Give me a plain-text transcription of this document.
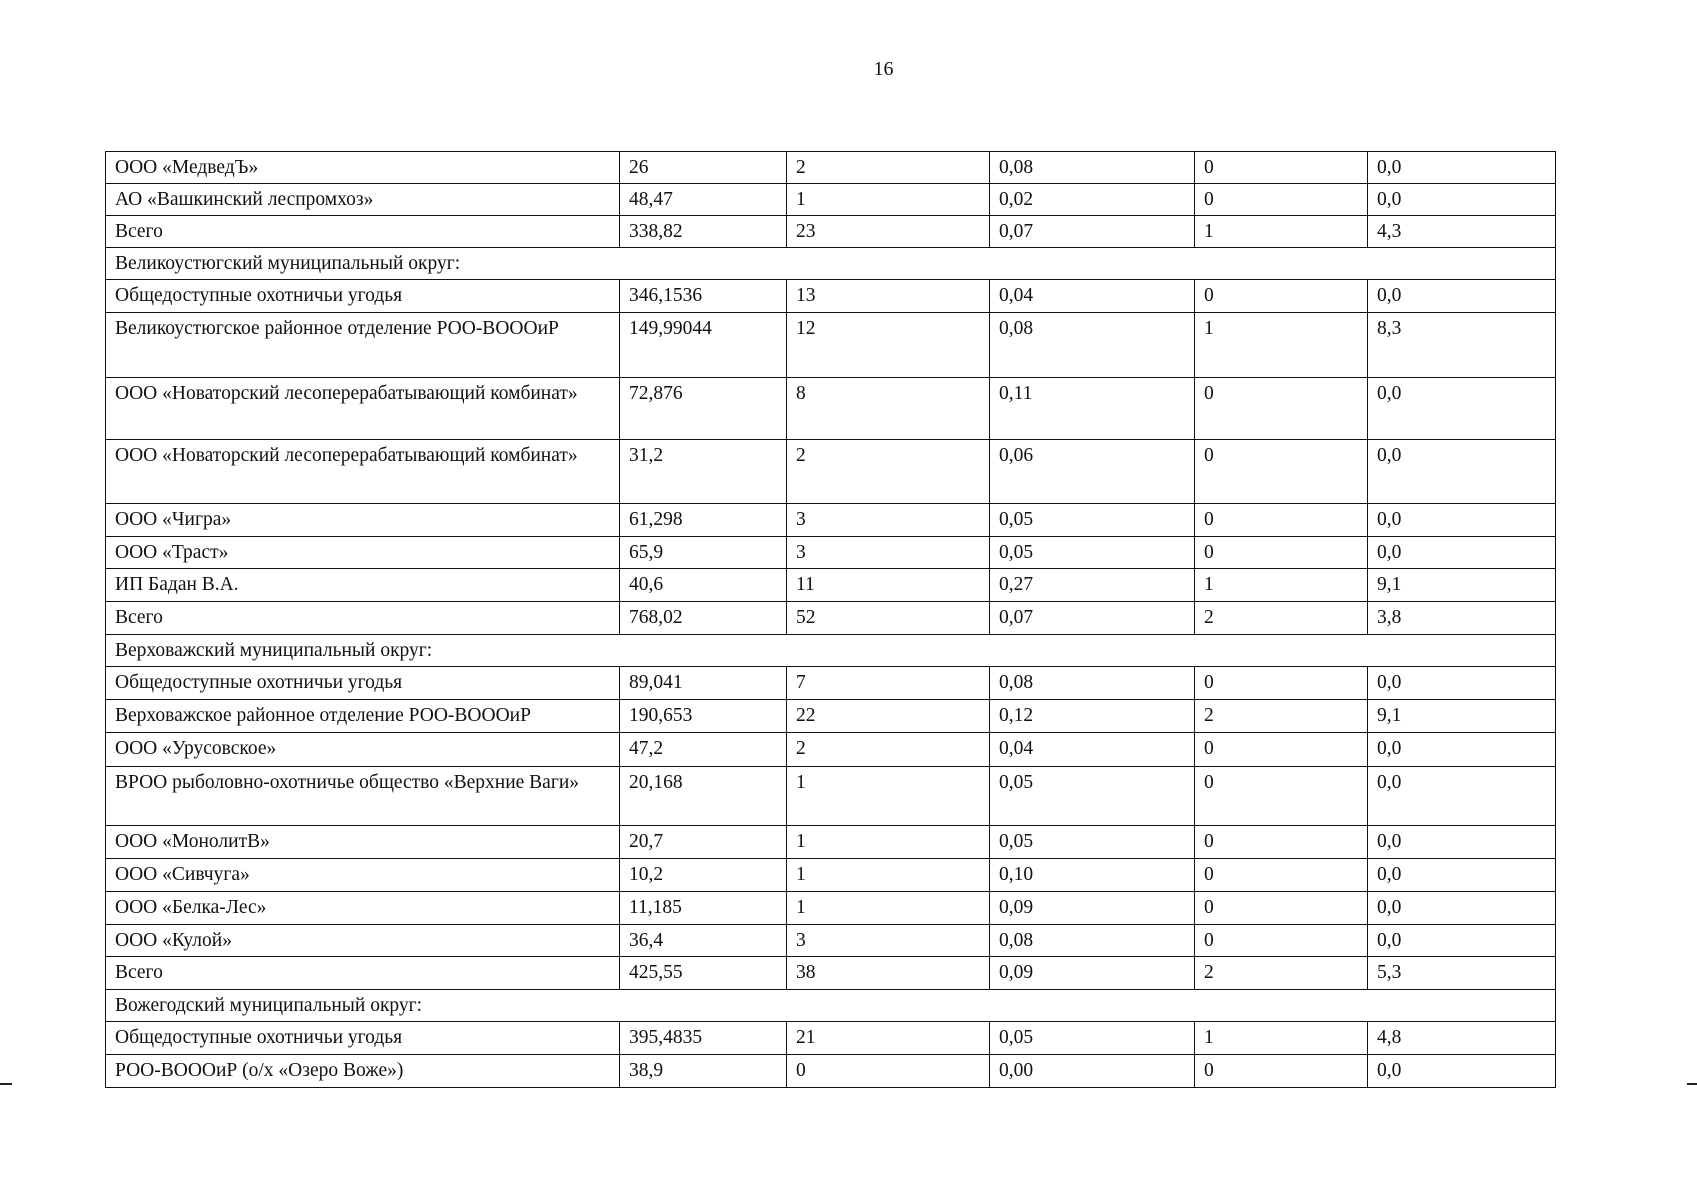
16
ООО «МедведЪ»	26	2	0,08	0	0,0
АО «Вашкинский леспромхоз»	48,47	1	0,02	0	0,0
Всего	338,82	23	0,07	1	4,3
Великоустюгский муниципальный округ:					
Общедоступные охотничьи угодья	346,1536	13	0,04	0	0,0
Великоустюгское районное отделение РОО-ВОООиР	149,99044	12	0,08	1	8,3
ООО «Новаторский лесоперерабатывающий комбинат»	72,876	8	0,11	0	0,0
ООО «Новаторский лесоперерабатывающий комбинат»	31,2	2	0,06	0	0,0
ООО «Чигра»	61,298	3	0,05	0	0,0
ООО «Траст»	65,9	3	0,05	0	0,0
ИП Бадан В.А.	40,6	11	0,27	1	9,1
Всего	768,02	52	0,07	2	3,8
Верховажский муниципальный округ:					
Общедоступные охотничьи угодья	89,041	7	0,08	0	0,0
Верховажское районное отделение РОО-ВОООиР	190,653	22	0,12	2	9,1
ООО «Урусовское»	47,2	2	0,04	0	0,0
ВРОО рыболовно-охотничье общество «Верхние Ваги»	20,168	1	0,05	0	0,0
ООО «МонолитВ»	20,7	1	0,05	0	0,0
ООО «Сивчуга»	10,2	1	0,10	0	0,0
ООО «Белка-Лес»	11,185	1	0,09	0	0,0
ООО «Кулой»	36,4	3	0,08	0	0,0
Всего	425,55	38	0,09	2	5,3
Вожегодский муниципальный округ:					
Общедоступные охотничьи угодья	395,4835	21	0,05	1	4,8
РОО-ВОООиР (о/х «Озеро Воже»)	38,9	0	0,00	0	0,0
